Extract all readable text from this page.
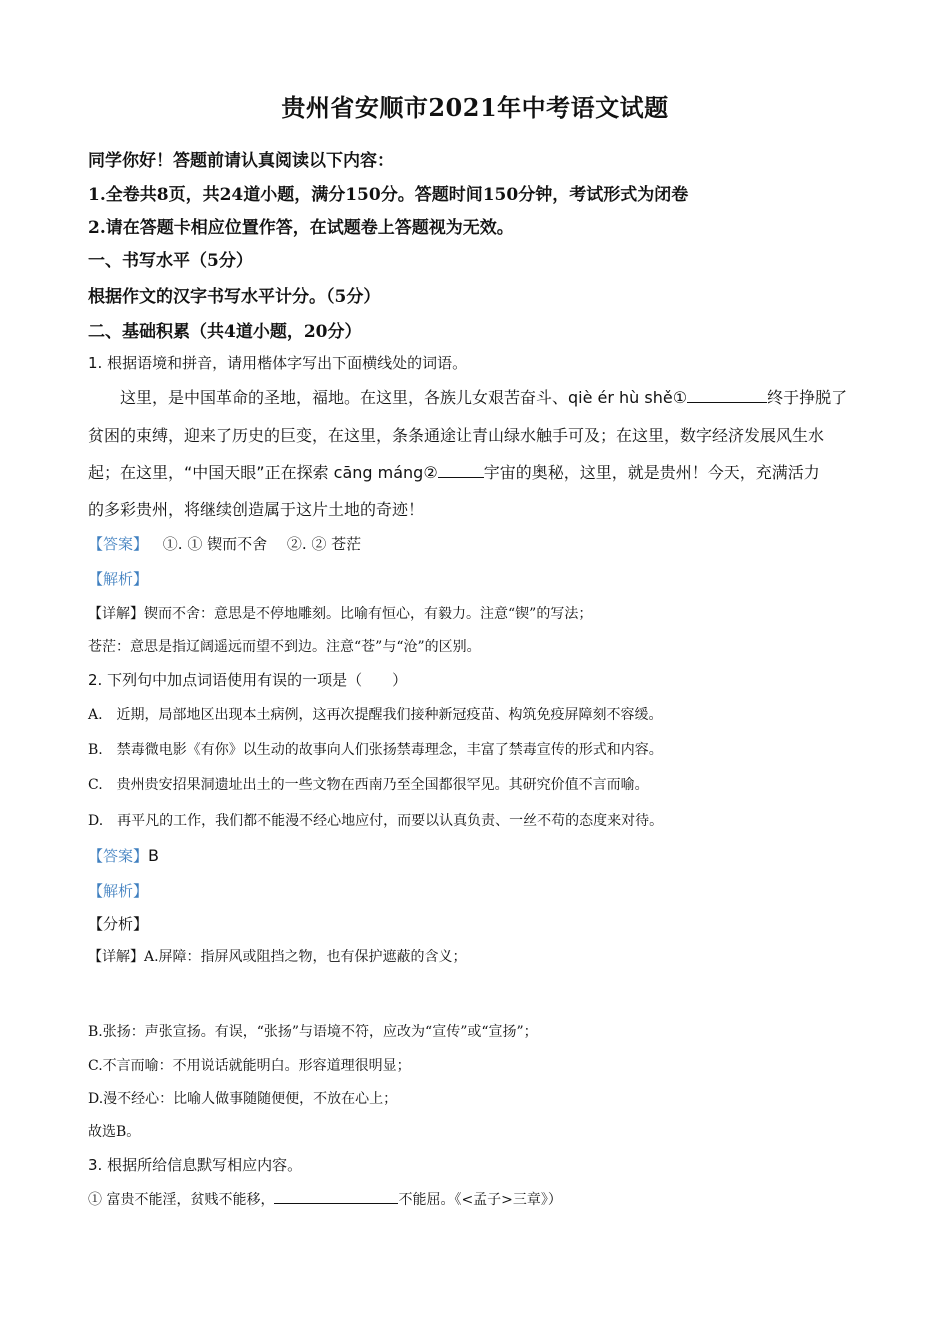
贵州省安顺市2021年中考语文试题
同学你好！答题前请认真阅读以下内容：
1.全卷共8页，共24道小题，满分150分。答题时间150分钟，考试形式为闭卷
2.请在答题卡相应位置作答，在试题卷上答题视为无效。
一、书写水平（5分）
根据作文的汉字书写水平计分。（5分）
二、基础积累（共4道小题，20分）
1. 根据语境和拼音，请用楷体字写出下面横线处的词语。
这里，是中国革命的圣地，福地。在这里，各族儿女艰苦奋斗、qiè ér hù shě①	终于挣脱了
贫困的束缚，迎来了历史的巨变，在这里，条条通途让青山绿水触手可及；在这里，数字经济发展风生水
起；在这里，“中国天眼”正在探索 cāng máng②	宇宙的奥秘，这里，就是贵州！今天，充满活力
的多彩贵州，将继续创造属于这片土地的奇迹！
【答案】 ①. ① 锲而不舍　 ②. ② 苍茫
【解析】
【详解】锲而不舍：意思是不停地雕刻。比喻有恒心，有毅力。注意“锲”的写法；
苍茫：意思是指辽阔遥远而望不到边。注意“苍”与“沧”的区别。
2. 下列句中加点词语使用有误的一项是（　　）
A.　近期，局部地区出现本土病例，这再次提醒我们接种新冠疫苗、构筑免疫屏障刻不容缓。
B.　禁毒微电影《有你》以生动的故事向人们张扬禁毒理念，丰富了禁毒宣传的形式和内容。
C.　贵州贵安招果洞遗址出土的一些文物在西南乃至全国都很罕见。其研究价值不言而喻。
D.　再平凡的工作，我们都不能漫不经心地应付，而要以认真负责、一丝不苟的态度来对待。
【答案】B
【解析】
【分析】
【详解】A.屏障：指屏风或阻挡之物，也有保护遮蔽的含义；
B.张扬：声张宣扬。有误，“张扬”与语境不符，应改为“宣传”或“宣扬”；
C.不言而喻：不用说话就能明白。形容道理很明显；
D.漫不经心：比喻人做事随随便便，不放在心上；
故选B。
3. 根据所给信息默写相应内容。
① 富贵不能淫，贫贱不能移，	不能屈。《<孟子>三章》）
